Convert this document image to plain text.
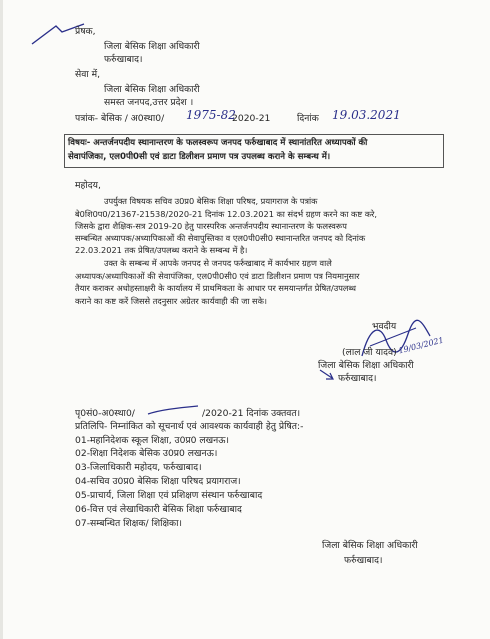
प्रेषक,
जिला बेसिक शिक्षा अधिकारी
फर्रुखाबाद।
सेवा में,
जिला बेसिक शिक्षा अधिकारी
समस्त जनपद,उत्तर प्रदेश ।
पत्रांक- बेसिक / अ0स्था0/ 1975-82
2020-21	दिनांक 19.03.2021
विषयः- अन्तर्जनपदीय स्थानान्तरण के फलस्वरूप जनपद फर्रुखाबाद में स्थानांतरित अध्यापकों की
सेवापंजिका, एल0पी0सी एवं डाटा डिलीशन प्रमाण पत्र उपलब्ध कराने के सम्बन्ध में।
महोदय,
उपर्युक्त विषयक सचिव उ0प्र0 बेसिक शिक्षा परिषद, प्रयागराज के पत्रांक
बे0शि0प0/21367-21538/2020-21 दिनांक 12.03.2021 का संदर्भ ग्रहण करने का कष्ट करे,
जिसके द्वारा शैक्षिक-सत्र 2019-20 हेतु पारस्परिक अन्तर्जनपदीय स्थानान्तरण के फलस्वरूप
सम्बन्धित अध्यापक/अध्यापिकाओं की सेवापुस्तिका व एल0पी0सी0 स्थानान्तरित जनपद को दिनांक
22.03.2021 तक प्रेषित/उपलब्ध कराने के सम्बन्ध में है।
उक्त के सम्बन्ध में आपके जनपद से जनपद फर्रुखाबाद में कार्यभार ग्रहण वाले
अध्यापक/अध्यापिकाओं की सेवापंजिका, एल0पी0सी0 एवं डाटा डिलीशन प्रमाण पत्र नियमानुसार
तैयार कराकर अधोहस्ताक्षरी के कार्यालय में प्राथमिकता के आधार पर समयान्तर्गत प्रेषित/उपलब्ध
कराने का कष्ट करें जिससे तदनुसार अग्रेतर कार्यवाही की जा सके।
भवदीय
19/03/2021
(लाल जी यादव)
जिला बेसिक शिक्षा अधिकारी
फर्रुखाबाद।
पृ0सं0-अ0स्था0/	/2020-21 दिनांक उक्तवत।
प्रतिलिपि- निम्नांकित को सूचनार्थ एवं आवश्यक कार्यवाही हेतु प्रेषित:-
01-महानिदेशक स्कूल शिक्षा, उ0प्र0 लखनऊ।
02-शिक्षा निदेशक बेसिक उ0प्र0 लखनऊ।
03-जिलाधिकारी महोदय, फर्रुखाबाद।
04-सचिव उ0प्र0 बेसिक शिक्षा परिषद प्रयागराज।
05-प्राचार्य, जिला शिक्षा एवं प्रशिक्षण संस्थान फर्रुखाबाद
06-वित्त एवं लेखाधिकारी बेसिक शिक्षा फर्रुखाबाद
07-सम्बन्धित शिक्षक/ शिक्षिका।
जिला बेसिक शिक्षा अधिकारी
फर्रुखाबाद।
